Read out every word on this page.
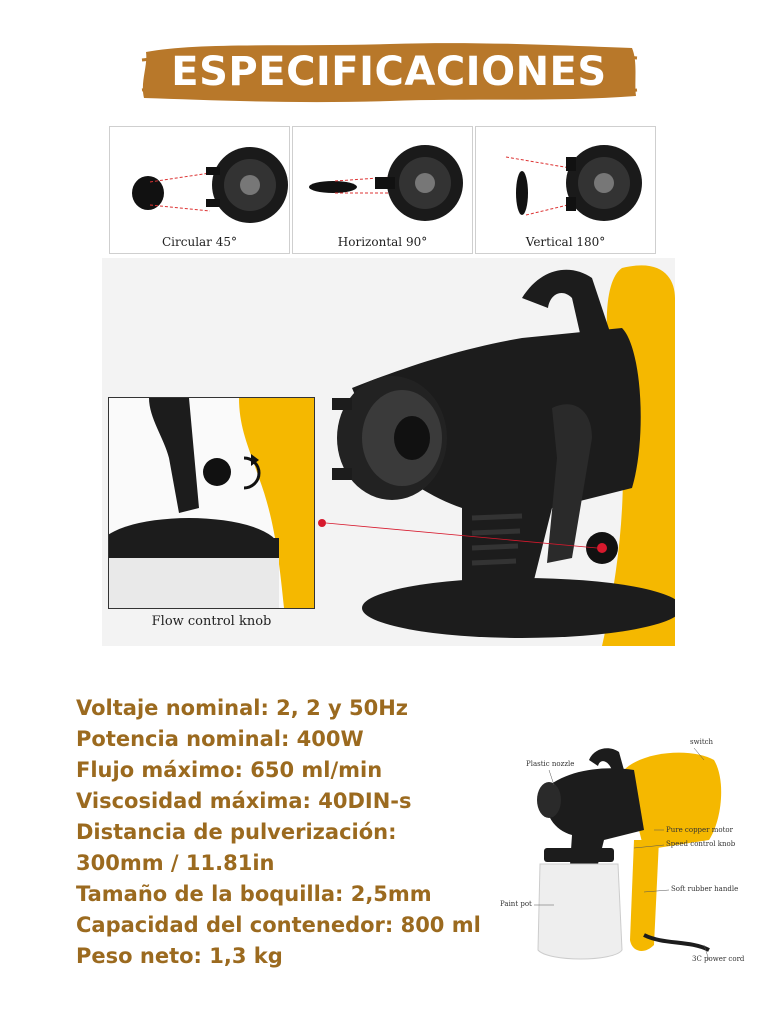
ESPECIFICACIONES
Circular 45°	Horizontal 90°	Vertical 180°
Flow control knob
Voltaje nominal: 2, 2 y 50Hz
Potencia nominal: 400W
Flujo máximo: 650 ml/min
Viscosidad máxima: 40DIN-s
Distancia de pulverización:
300mm / 11.81in
Tamaño de la boquilla: 2,5mm
Capacidad del contenedor: 800 ml
Peso neto: 1,3 kg
switch
Plastic nozzle
Pure copper motor
Speed control knob
Soft rubber handle
Paint pot
3C power cord
